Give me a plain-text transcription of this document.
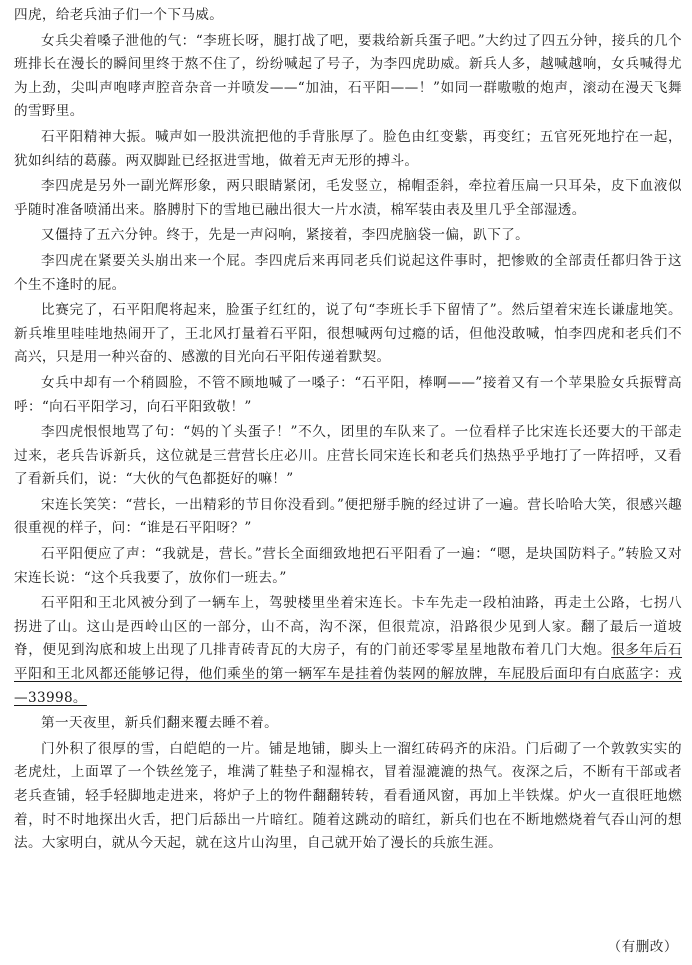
四虎，给老兵油子们一个下马威。

女兵尖着嗓子泄他的气：“李班长呀，腿打战了吧，要栽给新兵蛋子吧。”大约过了四五分钟，接兵的几个班排长在漫长的瞬间里终于熬不住了，纷纷喊起了号子，为李四虎助威。新兵人多，越喊越响，女兵喊得尤为上劲，尖叫声咆哮声腔音杂音一并喷发——“加油，石平阳——！”如同一群嗷嗷的炮声，滚动在漫天飞舞的雪野里。

石平阳精神大振。喊声如一股洪流把他的手背胀厚了。脸色由红变紫，再变红；五官死死地拧在一起，犹如纠结的葛藤。两双脚趾已经抠进雪地，做着无声无形的搏斗。

李四虎是另外一副光辉形象，两只眼睛紧闭，毛发竖立，棉帽歪斜，牵拉着压扁一只耳朵，皮下血液似乎随时准备喷涌出来。胳膊肘下的雪地已融出很大一片水渍，棉军装由表及里几乎全部湿透。

又僵持了五六分钟。终于，先是一声闷响，紧接着，李四虎脑袋一偏，趴下了。

李四虎在紧要关头崩出来一个屁。李四虎后来再同老兵们说起这件事时，把惨败的全部责任都归咎于这个生不逢时的屁。

比赛完了，石平阳爬将起来，脸蛋子红红的，说了句“李班长手下留情了”。然后望着宋连长谦虚地笑。新兵堆里哇哇地热闹开了，王北风打量着石平阳，很想喊两句过瘾的话，但他没敢喊，怕李四虎和老兵们不高兴，只是用一种兴奋的、感激的目光向石平阳传递着默契。

女兵中却有一个稍圆脸，不管不顾地喊了一嗓子：“石平阳，棒啊——”接着又有一个苹果脸女兵振臂高呼：“向石平阳学习，向石平阳致敬！”

李四虎恨恨地骂了句：“妈的丫头蛋子！”不久，团里的车队来了。一位看样子比宋连长还要大的干部走过来，老兵告诉新兵，这位就是三营营长庄必川。庄营长同宋连长和老兵们热热乎乎地打了一阵招呼，又看了看新兵们，说：“大伙的气色都挺好的嘛！”

宋连长笑笑：“营长，一出精彩的节目你没看到。”便把掰手腕的经过讲了一遍。营长哈哈大笑，很感兴趣很重视的样子，问：“谁是石平阳呀？”

石平阳便应了声：“我就是，营长。”营长全面细致地把石平阳看了一遍：“嗯，是块国防料子。”转脸又对宋连长说：“这个兵我要了，放你们一班去。”

石平阳和王北风被分到了一辆车上，驾驶楼里坐着宋连长。卡车先走一段柏油路，再走土公路，七拐八拐进了山。这山是西岭山区的一部分，山不高，沟不深，但很荒凉，沿路很少见到人家。翻了最后一道坡脊，便见到沟底和坡上出现了几排青砖青瓦的大房子，有的门前还零零星星地散布着几门大炮。很多年后石平阳和王北风都还能够记得，他们乘坐的第一辆军车是挂着伪装网的解放牌，车屁股后面印有白底蓝字：戎—33998。

第一天夜里，新兵们翻来覆去睡不着。

门外积了很厚的雪，白皑皑的一片。铺是地铺，脚头上一溜红砖码齐的床沿。门后砌了一个敦敦实实的老虎灶，上面罩了一个铁丝笼子，堆满了鞋垫子和湿棉衣，冒着湿漉漉的热气。夜深之后，不断有干部或者老兵查铺，轻手轻脚地走进来，将炉子上的物件翻翻转转，看看通风窗，再加上半铁煤。炉火一直很旺地燃着，时不时地探出火舌，把门后舔出一片暗红。随着这跳动的暗红，新兵们也在不断地燃烧着气吞山河的想法。大家明白，就从今天起，就在这片山沟里，自己就开始了漫长的兵旅生涯。

（有删改）
